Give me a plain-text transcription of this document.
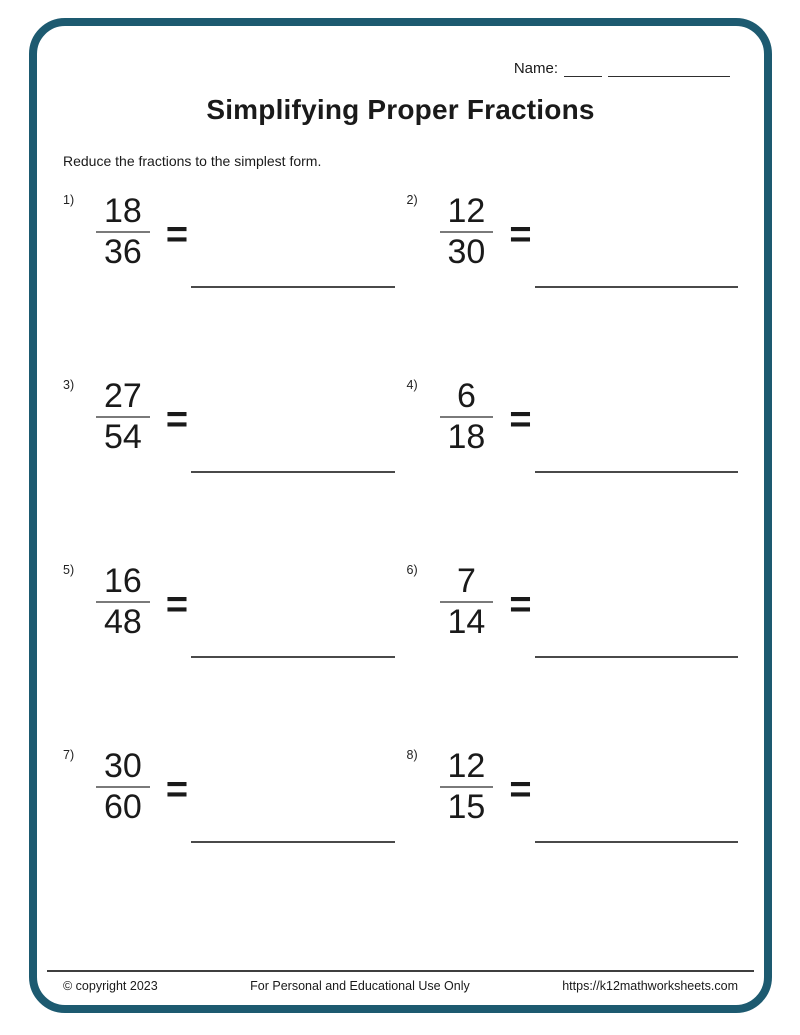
Name:
Simplifying Proper Fractions

Reduce the fractions to the simplest form.

$1) \frac{18}{36}$ =
$2) \frac{12}{30}$ =
$3) \frac{27}{54}$ =
$4) \frac{6}{18}$ =
$5) \frac{16}{48}$ =
$6) \frac{7}{14}$ =
$7) \frac{30}{60}$ =
$8) \frac{12}{15}$ =
© copyright 2023	For Personal and Educational Use Only	https://k12mathworksheets.com
